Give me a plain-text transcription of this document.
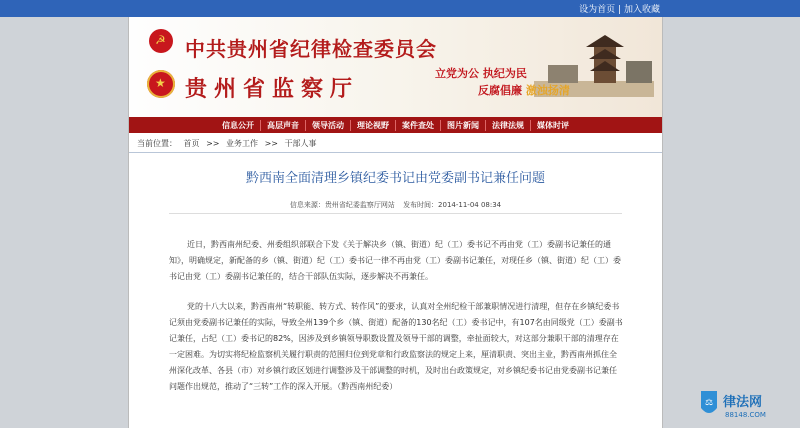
设为首页 | 加入收藏
☭
★
中共贵州省纪律检查委员会
贵州省监察厅
立党为公 执纪为民
反腐倡廉 激浊扬清
信息公开	高层声音	领导活动	理论视野	案件查处	图片新闻	法律法规	媒体时评
当前位置： 首页 >> 业务工作 >> 干部人事
黔西南全面清理乡镇纪委书记由党委副书记兼任问题
信息来源：贵州省纪委监察厅网站 发布时间：2014-11-04 08:34

近日，黔西南州纪委、州委组织部联合下发《关于解决乡（镇、街道）纪（工）委书记不再由党（工）委副书记兼任的通知》，明确规定，新配备的乡（镇、街道）纪（工）委书记一律不再由党（工）委副书记兼任，对现任乡（镇、街道）纪（工）委书记由党（工）委副书记兼任的，结合干部队伍实际，逐步解决不再兼任。

党的十八大以来，黔西南州“转职能、转方式、转作风”的要求，认真对全州纪检干部兼职情况进行清理，但存在乡镇纪委书记须由党委副书记兼任的实际，导致全州139个乡（镇、街道）配备的130名纪（工）委书记中，有107名由同级党（工）委副书记兼任，占纪（工）委书记的82%，因涉及到乡镇领导职数设置及领导干部的调整，牵扯面较大，对这部分兼职干部的清理存在一定困难。为切实将纪检监察机关履行职责的范围归位到党章和行政监察法的规定上来，厘清职责、突出主业，黔西南州抓住全州深化改革、各县（市）对乡镇行政区划进行调整涉及干部调整的时机，及时出台政策规定，对乡镇纪委书记由党委副书记兼任问题作出规范，推动了“三转”工作的深入开展。（黔西南州纪委）

⚖ 律法网
88148.COM
